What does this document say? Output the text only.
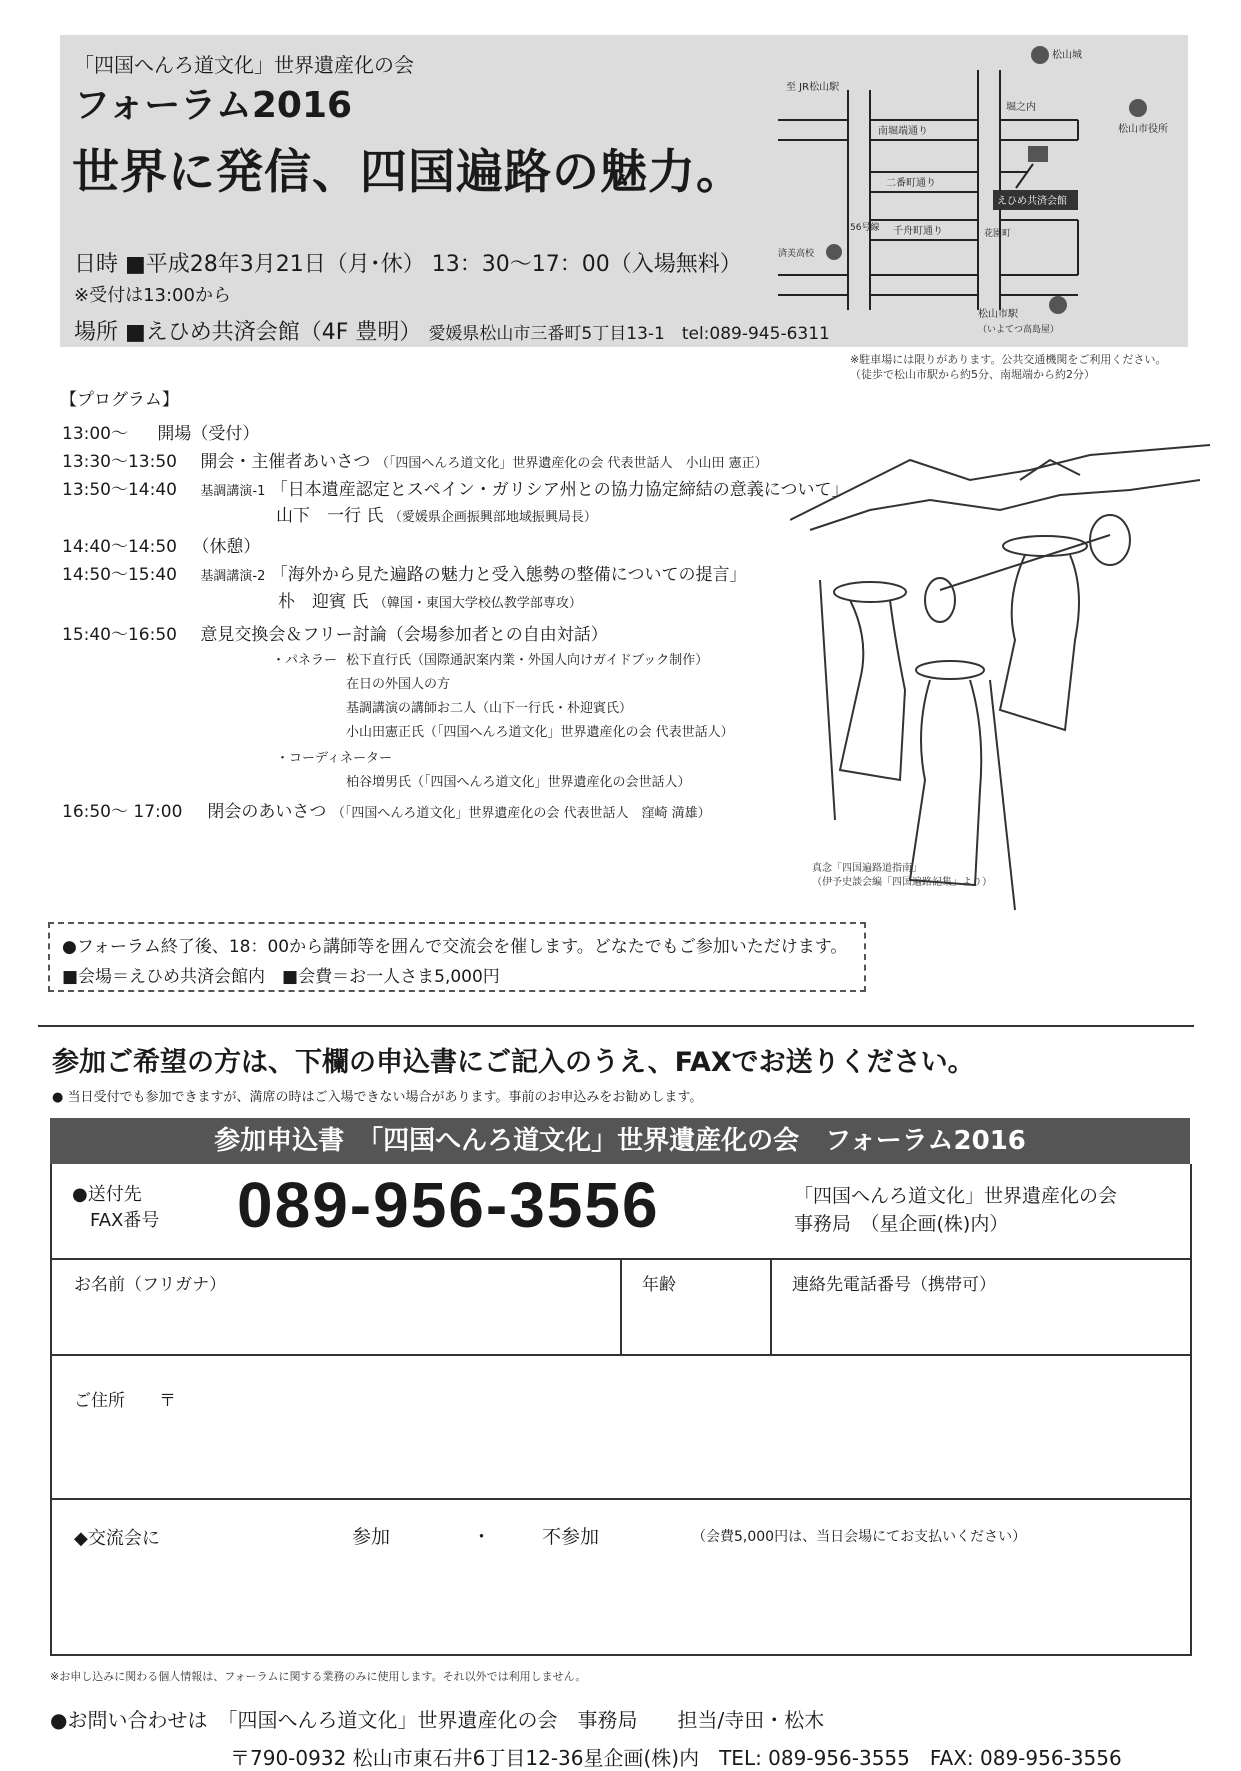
「四国へんろ道文化」世界遺産化の会
フォーラム2016
世界に発信、四国遍路の魅力。
日時 ■平成28年3月21日（月･休） 13：30～17：00（入場無料）
※受付は13:00から
場所 ■えひめ共済会館（4F 豊明） 愛媛県松山市三番町5丁目13-1　tel:089-945-6311
松山城
至 JR松山駅
堀之内
松山市役所
南堀端通り
二番町通り
千舟町通り
56号線
花園町
済美高校
えひめ共済会館
松山市駅
（いよてつ高島屋）
※駐車場には限りがあります。公共交通機関をご利用ください。
（徒歩で松山市駅から約5分、南堀端から約2分）
【プログラム】
13:00～ 開場（受付）
13:30～13:50 開会・主催者あいさつ （「四国へんろ道文化」世界遺産化の会 代表世話人　小山田 憲正）
13:50～14:40 基調講演-1 「日本遺産認定とスペイン・ガリシア州との協力協定締結の意義について」
山下　一行 氏 （愛媛県企画振興部地域振興局長）
14:40～14:50 （休憩）
14:50～15:40 基調講演-2 「海外から見た遍路の魅力と受入態勢の整備についての提言」
朴　迎賓 氏 （韓国・東国大学校仏教学部専攻）
15:40～16:50 意見交換会＆フリー討論（会場参加者との自由対話）
・パネラー 松下直行氏（国際通訳案内業・外国人向けガイドブック制作）
在日の外国人の方
基調講演の講師お二人（山下一行氏・朴迎賓氏）
小山田憲正氏（「四国へんろ道文化」世界遺産化の会 代表世話人）
・コーディネーター
柏谷増男氏（「四国へんろ道文化」世界遺産化の会世話人）
16:50～ 17:00 閉会のあいさつ （「四国へんろ道文化」世界遺産化の会 代表世話人　窪崎 満雄）
真念「四国遍路道指南」
（伊予史談会編「四国遍路記集」より）
●フォーラム終了後、18：00から講師等を囲んで交流会を催します。どなたでもご参加いただけます。
■会場＝えひめ共済会館内　■会費＝お一人さま5,000円
参加ご希望の方は、下欄の申込書にご記入のうえ、FAXでお送りください。
● 当日受付でも参加できますが、満席の時はご入場できない場合があります。事前のお申込みをお勧めします。
参加申込書　「四国へんろ道文化」世界遺産化の会　フォーラム2016
●送付先
FAX番号 089-956-3556	「四国へんろ道文化」世界遺産化の会
事務局　（星企画(株)内）
お名前（フリガナ）	年齢	連絡先電話番号（携帯可）
ご住所　　〒
◆交流会に	参加	・	不参加	（会費5,000円は、当日会場にてお支払いください）
※お申し込みに関わる個人情報は、フォーラムに関する業務のみに使用します。それ以外では利用しません。
●お問い合わせは　「四国へんろ道文化」世界遺産化の会　事務局　　担当/寺田・松木
〒790-0932 松山市東石井6丁目12-36星企画(株)内　TEL: 089-956-3555　FAX: 089-956-3556
